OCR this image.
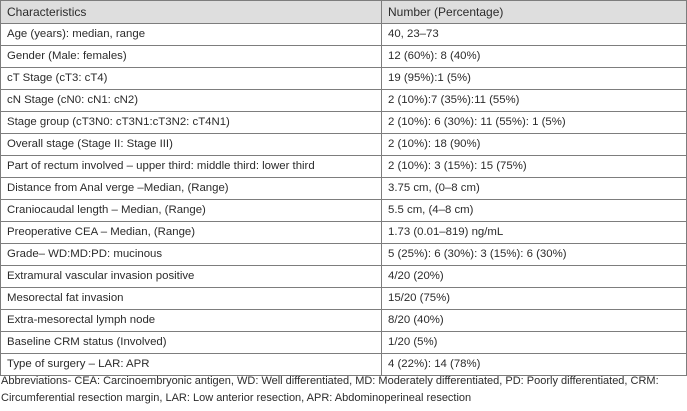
Characteristics	Number (Percentage)
Age (years): median, range	40, 23–73
Gender (Male: females)	12 (60%): 8 (40%)
cT Stage (cT3: cT4)	19 (95%):1 (5%)
cN Stage (cN0: cN1: cN2)	2 (10%):7 (35%):11 (55%)
Stage group (cT3N0: cT3N1:cT3N2: cT4N1)	2 (10%): 6 (30%): 11 (55%): 1 (5%)
Overall stage (Stage II: Stage III)	2 (10%): 18 (90%)
Part of rectum involved – upper third: middle third: lower third	2 (10%): 3 (15%): 15 (75%)
Distance from Anal verge –Median, (Range)	3.75 cm, (0–8 cm)
Craniocaudal length – Median, (Range)	5.5 cm, (4–8 cm)
Preoperative CEA – Median, (Range)	1.73 (0.01–819) ng/mL
Grade– WD:MD:PD: mucinous	5 (25%): 6 (30%): 3 (15%): 6 (30%)
Extramural vascular invasion positive	4/20 (20%)
Mesorectal fat invasion	15/20 (75%)
Extra-mesorectal lymph node	8/20 (40%)
Baseline CRM status (Involved)	1/20 (5%)
Type of surgery – LAR: APR	4 (22%): 14 (78%)

Abbreviations- CEA: Carcinoembryonic antigen, WD: Well differentiated, MD: Moderately differentiated, PD: Poorly differentiated, CRM: Circumferential resection margin, LAR: Low anterior resection, APR: Abdominoperineal resection
